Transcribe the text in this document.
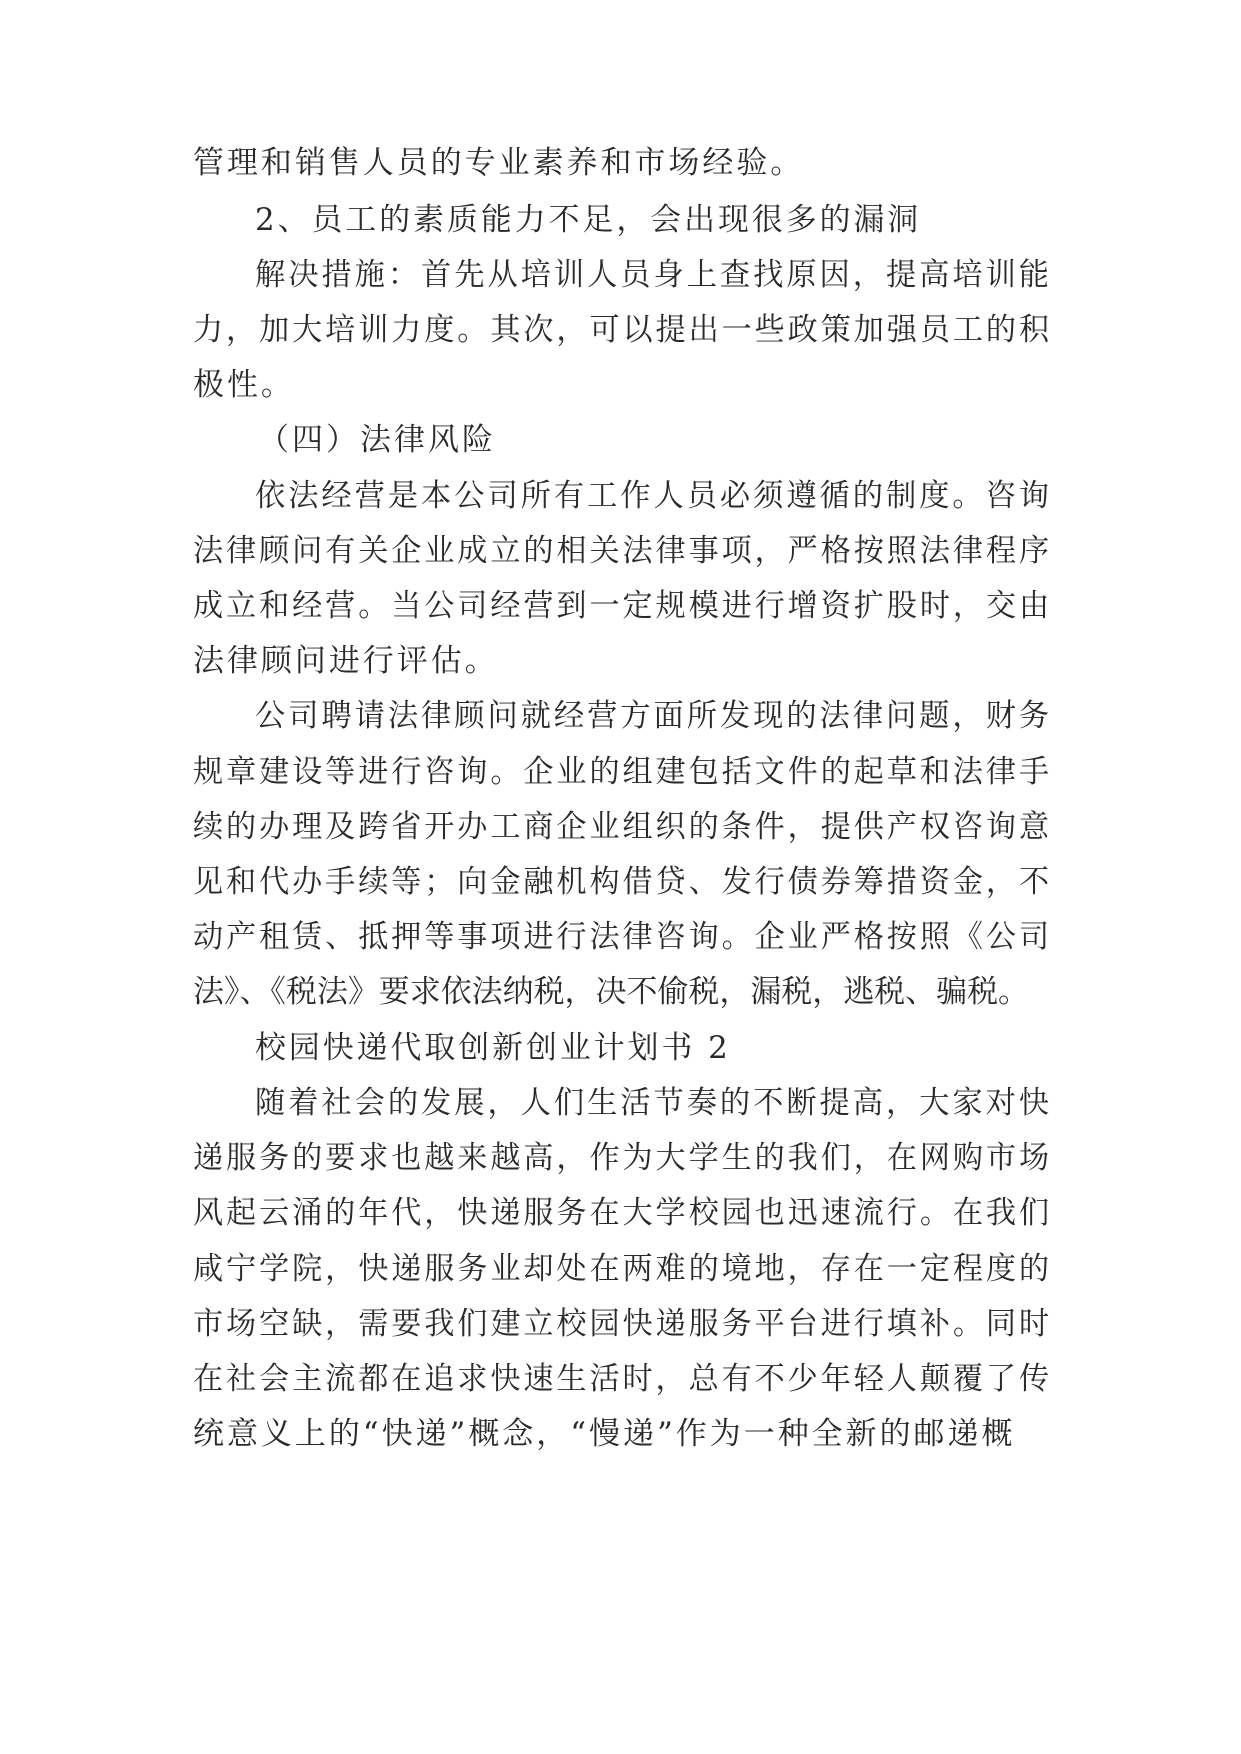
管理和销售人员的专业素养和市场经验。
2、员工的素质能力不足，会出现很多的漏洞
解决措施：首先从培训人员身上查找原因，提高培训能
力，加大培训力度。其次，可以提出一些政策加强员工的积
极性。
（四）法律风险
依法经营是本公司所有工作人员必须遵循的制度。咨询
法律顾问有关企业成立的相关法律事项，严格按照法律程序
成立和经营。当公司经营到一定规模进行增资扩股时，交由
法律顾问进行评估。
公司聘请法律顾问就经营方面所发现的法律问题，财务
规章建设等进行咨询。企业的组建包括文件的起草和法律手
续的办理及跨省开办工商企业组织的条件，提供产权咨询意
见和代办手续等；向金融机构借贷、发行债券筹措资金，不
动产租赁、抵押等事项进行法律咨询。企业严格按照《公司
法》、《税法》要求依法纳税，决不偷税，漏税，逃税、骗税。
校园快递代取创新创业计划书 2
随着社会的发展，人们生活节奏的不断提高，大家对快
递服务的要求也越来越高，作为大学生的我们，在网购市场
风起云涌的年代，快递服务在大学校园也迅速流行。在我们
咸宁学院，快递服务业却处在两难的境地，存在一定程度的
市场空缺，需要我们建立校园快递服务平台进行填补。同时
在社会主流都在追求快速生活时，总有不少年轻人颠覆了传
统意义上的“快递”概念，“慢递”作为一种全新的邮递概
